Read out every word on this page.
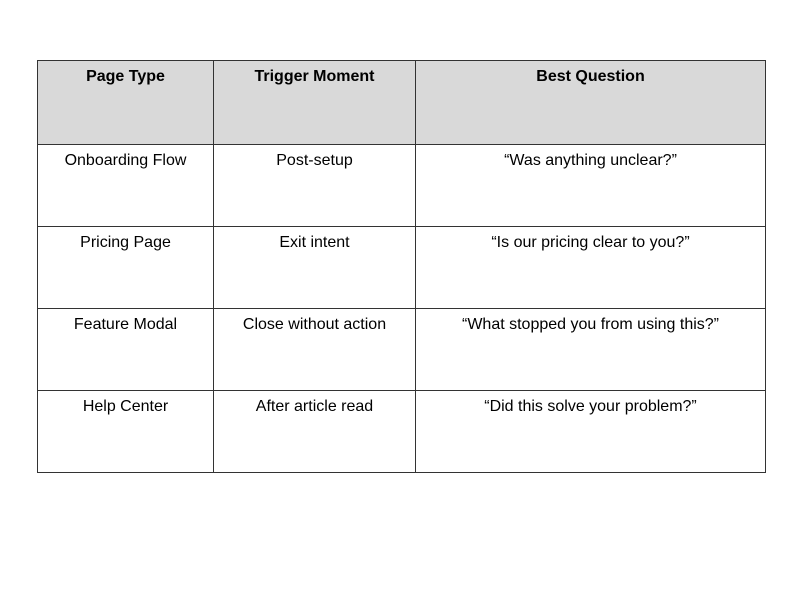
Page Type	Trigger Moment	Best Question
Onboarding Flow	Post-setup	“Was anything unclear?”
Pricing Page	Exit intent	“Is our pricing clear to you?”
Feature Modal	Close without action	“What stopped you from using this?”
Help Center	After article read	“Did this solve your problem?”
